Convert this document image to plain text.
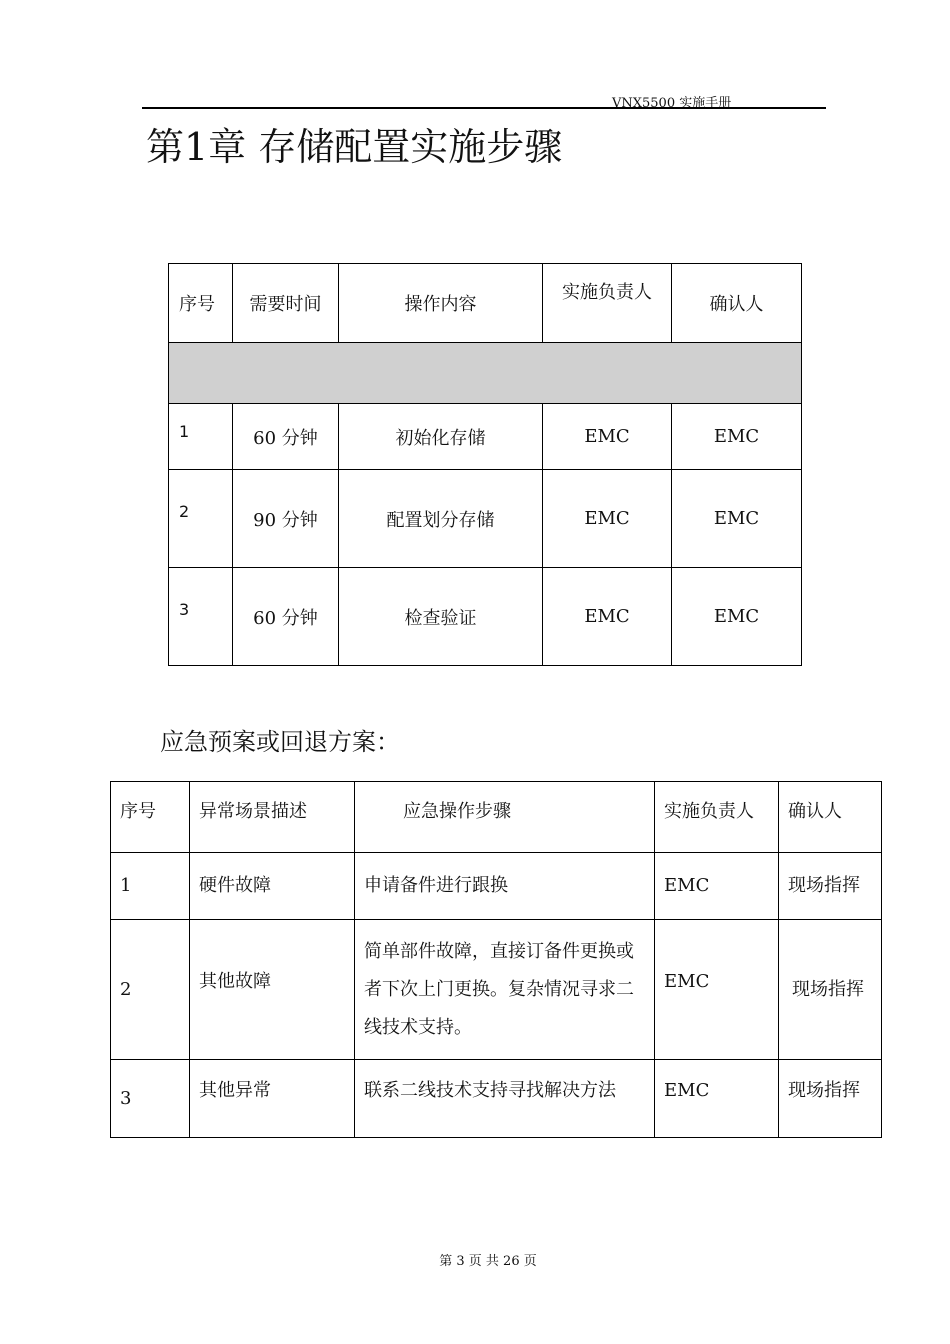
VNX5500 实施手册
第1章 存储配置实施步骤
序号	需要时间	操作内容	实施负责人	确认人

1	60 分钟	初始化存储	EMC	EMC
2	90 分钟	配置划分存储	EMC	EMC
3	60 分钟	检查验证	EMC	EMC
应急预案或回退方案：
序号	异常场景描述	应急操作步骤	实施负责人	确认人
1	硬件故障	申请备件进行跟换	EMC	现场指挥
2	其他故障	简单部件故障，直接订备件更换或者下次上门更换。复杂情况寻求二线技术支持。	EMC	现场指挥
3	其他异常	联系二线技术支持寻找解决方法	EMC	现场指挥
第 3 页 共 26 页
